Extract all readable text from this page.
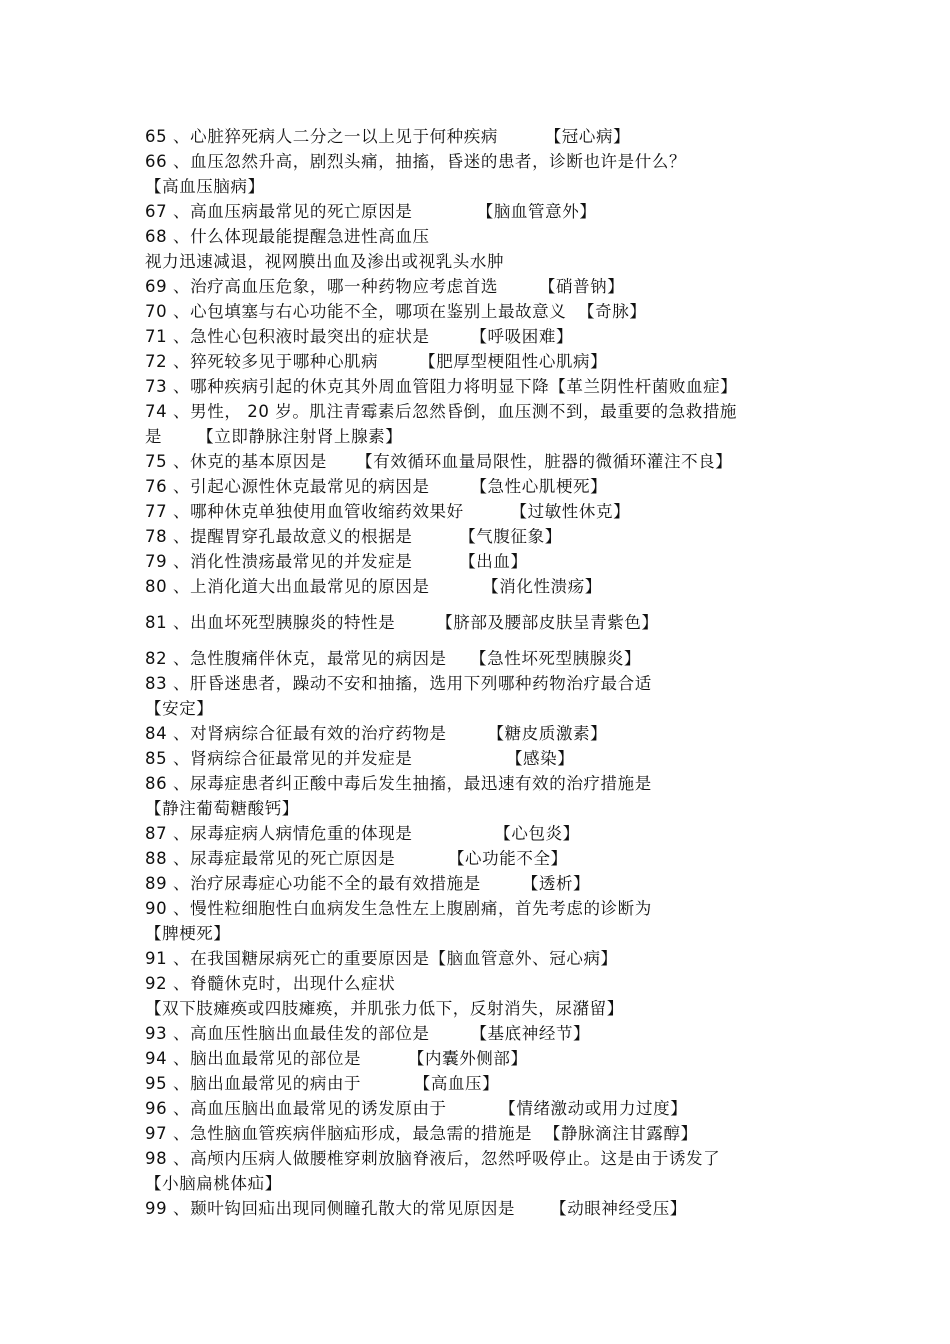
65 、心脏猝死病人二分之一以上见于何种疾病        【冠心病】
66 、血压忽然升高，剧烈头痛，抽搐，昏迷的患者，诊断也许是什么？
【高血压脑病】
67 、高血压病最常见的死亡原因是           【脑血管意外】
68 、什么体现最能提醒急进性高血压
视力迅速减退，视网膜出血及渗出或视乳头水肿
69 、治疗高血压危象，哪一种药物应考虑首选       【硝普钠】
70 、心包填塞与右心功能不全，哪项在鉴别上最故意义  【奇脉】
71 、急性心包积液时最突出的症状是       【呼吸困难】
72 、猝死较多见于哪种心肌病       【肥厚型梗阻性心肌病】
73 、哪种疾病引起的休克其外周血管阻力将明显下降【革兰阴性杆菌败血症】
74 、男性， 20 岁。肌注青霉素后忽然昏倒，血压测不到，最重要的急救措施
是      【立即静脉注射肾上腺素】
75 、休克的基本原因是     【有效循环血量局限性，脏器的微循环灌注不良】
76 、引起心源性休克最常见的病因是       【急性心肌梗死】
77 、哪种休克单独使用血管收缩药效果好        【过敏性休克】
78 、提醒胃穿孔最故意义的根据是        【气腹征象】
79 、消化性溃疡最常见的并发症是        【出血】
80 、上消化道大出血最常见的原因是         【消化性溃疡】
81 、出血坏死型胰腺炎的特性是       【脐部及腰部皮肤呈青紫色】
82 、急性腹痛伴休克，最常见的病因是    【急性坏死型胰腺炎】
83 、肝昏迷患者，躁动不安和抽搐，选用下列哪种药物治疗最合适
【安定】
84 、对肾病综合征最有效的治疗药物是       【糖皮质激素】
85 、肾病综合征最常见的并发症是                【感染】
86 、尿毒症患者纠正酸中毒后发生抽搐，最迅速有效的治疗措施是
【静注葡萄糖酸钙】
87 、尿毒症病人病情危重的体现是              【心包炎】
88 、尿毒症最常见的死亡原因是         【心功能不全】
89 、治疗尿毒症心功能不全的最有效措施是       【透析】
90 、慢性粒细胞性白血病发生急性左上腹剧痛，首先考虑的诊断为
【脾梗死】
91 、在我国糖尿病死亡的重要原因是【脑血管意外、冠心病】
92 、脊髓休克时，出现什么症状
【双下肢瘫痪或四肢瘫痪，并肌张力低下，反射消失，尿潴留】
93 、高血压性脑出血最佳发的部位是       【基底神经节】
94 、脑出血最常见的部位是        【内囊外侧部】
95 、脑出血最常见的病由于         【高血压】
96 、高血压脑出血最常见的诱发原由于         【情绪激动或用力过度】
97 、急性脑血管疾病伴脑疝形成，最急需的措施是  【静脉滴注甘露醇】
98 、高颅内压病人做腰椎穿刺放脑脊液后，忽然呼吸停止。这是由于诱发了
【小脑扁桃体疝】
99 、颞叶钩回疝出现同侧瞳孔散大的常见原因是      【动眼神经受压】
